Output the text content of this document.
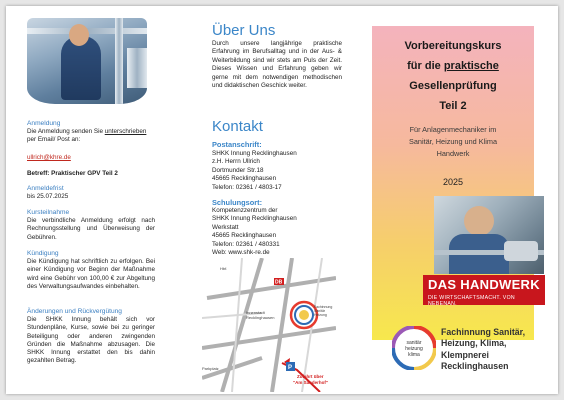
Anmeldung
Die Anmeldung senden Sie unterschrieben
per Email/ Post an:
ullrich@khre.de
Betreff: Praktischer GPV Teil 2
Anmeldefrist
bis 25.07.2025
Kursteilnahme
Die verbindliche Anmeldung erfolgt nach Rechnungsstellung und Überweisung der Gebühren.
Kündigung
Die Kündigung hat schriftlich zu erfolgen. Bei einer Kündigung vor Beginn der Maßnahme wird eine Gebühr von 100,00 € zur Abgeltung des Verwaltungsaufwandes einbehalten.
Änderungen und Rückvergütung
Die SHKK Innung behält sich vor Stundenpläne, Kurse, sowie bei zu geringer Beteiligung oder anderen zwingenden Gründen die Maßnahme abzusagen. Die SHKK Innung erstattet den bis dahin gezahlten Betrag.
Über Uns
Durch unsere langjährige praktische Erfahrung im Berufsalltag und in der Aus- & Weiterbildung sind wir stets am Puls der Zeit. Dieses Wissen und Erfahrung geben wir gerne mit dem notwendigen methodischen und didaktischen Geschick weiter.
Kontakt
Postanschrift:
SHKK Innung Recklinghausen
z.H. Herrn Ullrich
Dortmunder Str.18
45665 Recklinghausen
Telefon: 02361 / 4803-17
Schulungsort:
Kompetenzzentrum der
SHKK Innung Recklinghausen
Werkstatt
45665 Recklinghausen
Telefon: 02361 / 480331
Web: www.shk-re.de
Innenstadt
Recklinghausen
Hbf.
Parkplatz
DB
P
Zufahrt über
"Am Sanderhof"
Fachinnung
Sanitär
Heizung
Vorbereitungskurs
für die praktische
Gesellenprüfung
Teil 2
Für Anlagenmechaniker im
Sanitär, Heizung und Klima
Handwerk
2025
DAS HANDWERK
DIE WIRTSCHAFTSMACHT. VON NEBENAN.
sanitär
heizung
klima
Fachinnung Sanitär,
Heizung, Klima,
Klempnerei
Recklinghausen
